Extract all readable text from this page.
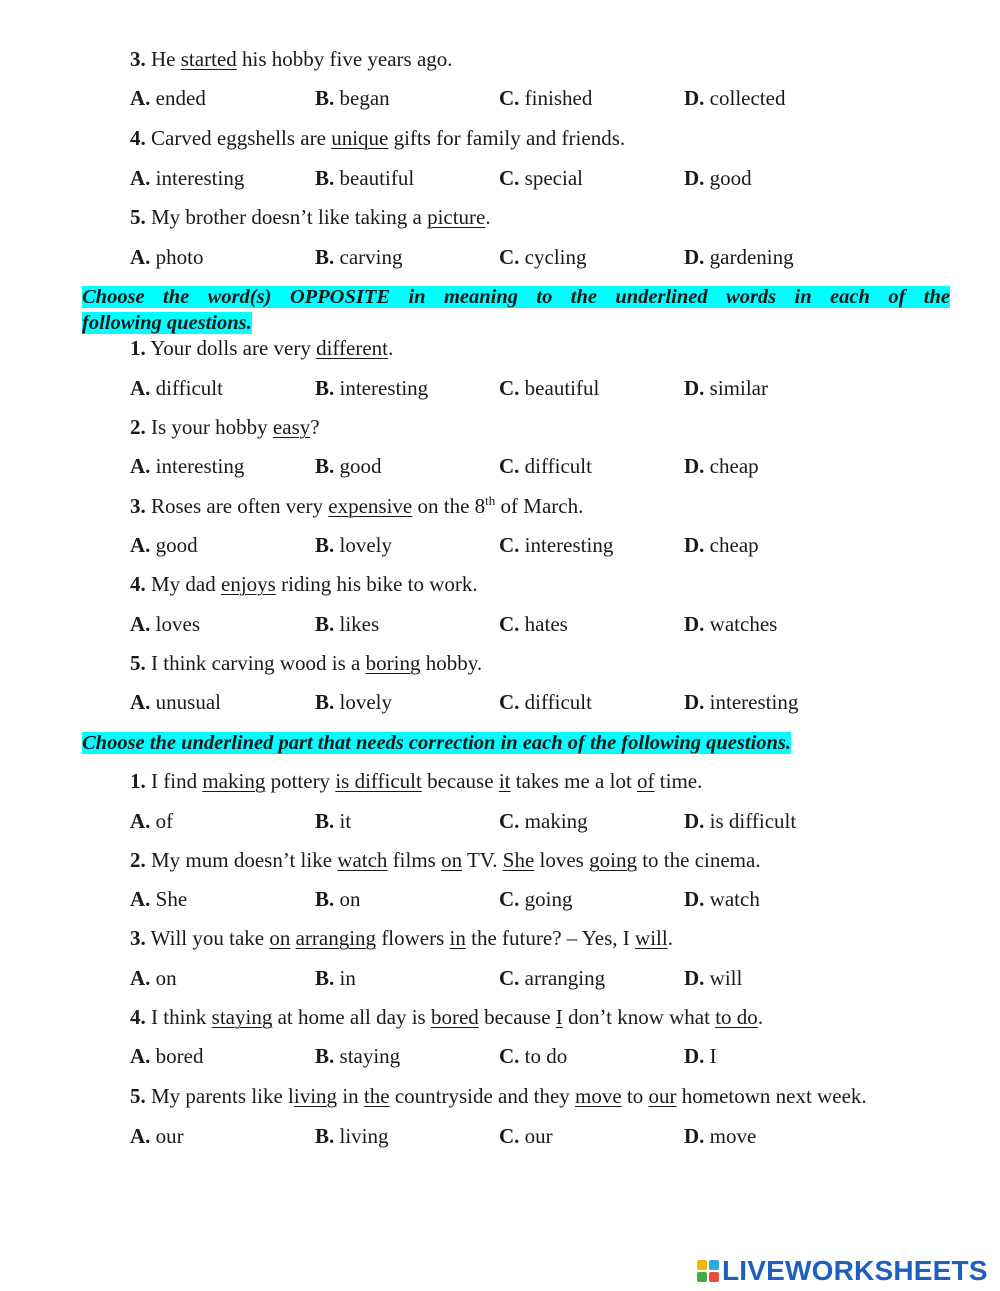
3. He started his hobby five years ago.
A. ended	B. began	C. finished	D. collected
4. Carved eggshells are unique gifts for family and friends.
A. interesting	B. beautiful	C. special	D. good
5. My brother doesn’t like taking a picture.
A. photo	B. carving	C. cycling	D. gardening
Choose the word(s) OPPOSITE in meaning to the underlined words in each of the
following questions.
1. Your dolls are very different.
A. difficult	B. interesting	C. beautiful	D. similar
2. Is your hobby easy?
A. interesting	B. good	C. difficult	D. cheap
3. Roses are often very expensive on the 8th of March.
A. good	B. lovely	C. interesting	D. cheap
4. My dad enjoys riding his bike to work.
A. loves	B. likes	C. hates	D. watches
5. I think carving wood is a boring hobby.
A. unusual	B. lovely	C. difficult	D. interesting
Choose the underlined part that needs correction in each of the following questions.
1. I find making pottery is difficult because it takes me a lot of time.
A. of	B. it	C. making	D. is difficult
2. My mum doesn’t like watch films on TV. She loves going to the cinema.
A. She	B. on	C. going	D. watch
3. Will you take on arranging flowers in the future? – Yes, I will.
A. on	B. in	C. arranging	D. will
4. I think staying at home all day is bored because I don’t know what to do.
A. bored	B. staying	C. to do	D. I
5. My parents like living in the countryside and they move to our hometown next week.
A. our	B. living	C. our	D. move
LIVEWORKSHEETS
